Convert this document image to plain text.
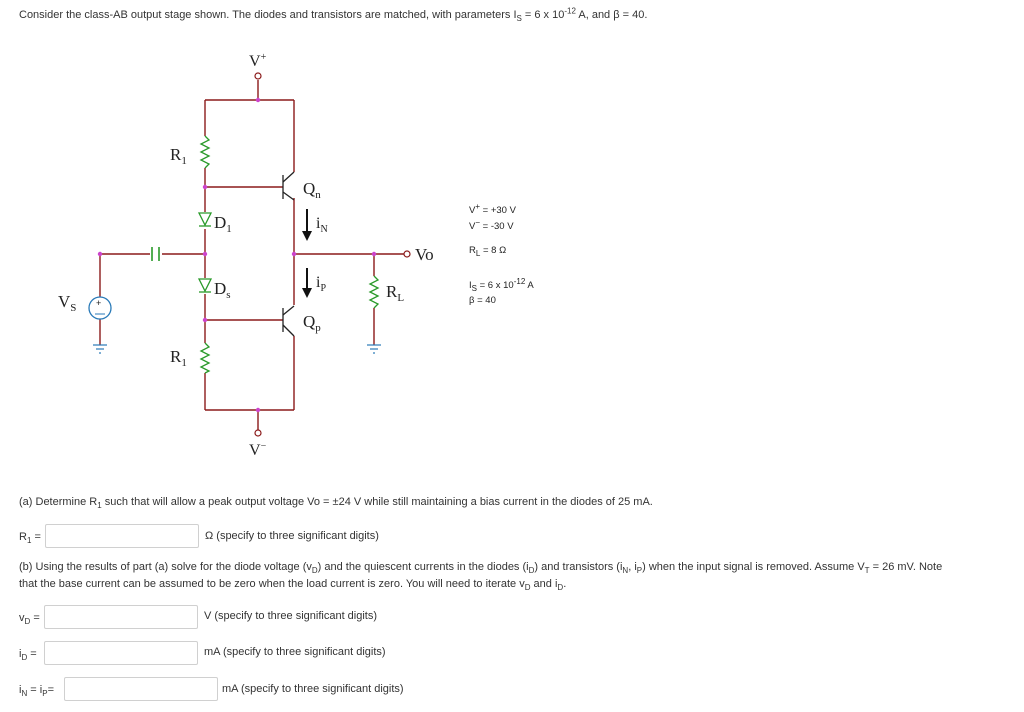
Consider the class-AB output stage shown. The diodes and transistors are matched, with parameters $I_S = 6$ x $10^{-12}$ A, and β = 40.
+
V+
V−
$R_1$
$R_1$
$D_1$
$D_s$
$Q_n$
$Q_p$
$i_N$
$i_P$
Vo
$R_L$
$V_S$
V+ = +30 V
V− = -30 V
$R_L = 8$ Ω
$I_S = 6$ x $10^{-12}$ A
β = 40
(a) Determine $R_1$ such that will allow a peak output voltage Vo = ±24 V while still maintaining a bias current in the diodes of 25 mA.
$R_1$ =	Ω (specify to three significant digits)
(b) Using the results of part (a) solve for the diode voltage $(v_D)$ and the quiescent currents in the diodes $(i_D)$ and transistors ($i_N$, $i_P$) when the input signal is removed. Assume $V_T = 26$ mV. Note
that the base current can be assumed to be zero when the load current is zero. You will need to iterate $v_D$ and $i_D$.
$v_D$ =	V (specify to three significant digits)
$i_D$ =	mA (specify to three significant digits)
$i_N = i_P=$	mA (specify to three significant digits)
